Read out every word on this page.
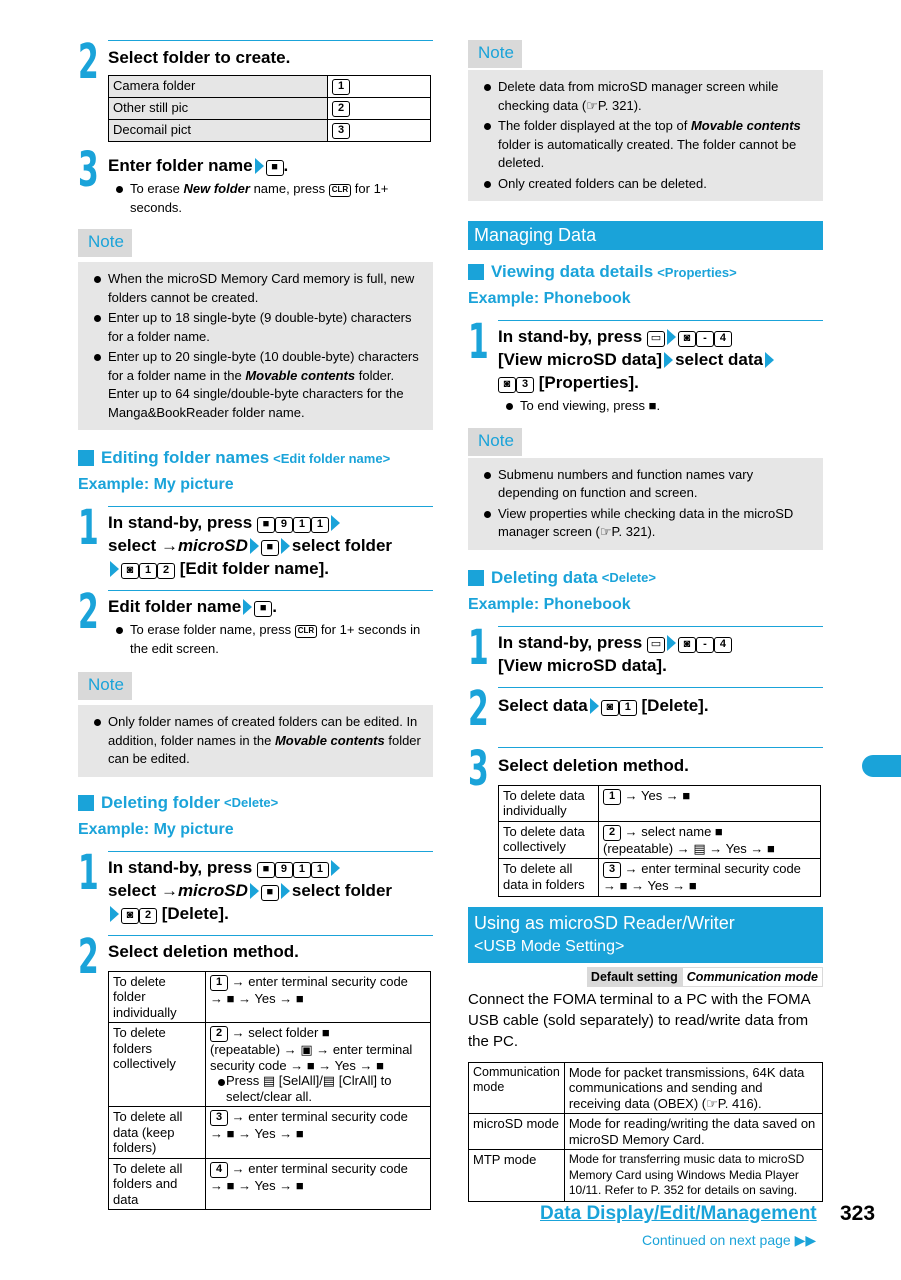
2 Select folder to create.
Camera folder	1
Other still pic	2
Decomail pict	3
3 Enter folder name ■ .
To erase New folder name, press CLR for 1+ seconds.
Note
When the microSD Memory Card memory is full, new folders cannot be created.
Enter up to 18 single-byte (9 double-byte) characters for a folder name.
Enter up to 20 single-byte (10 double-byte) characters for a folder name in the Movable contents folder. Enter up to 64 single/double-byte characters for the Manga&BookReader folder name.
Editing folder names <Edit folder name>
Example: My picture
1 In stand-by, press ■ 9 1 1
select →microSD ■ select folder
◙ 1 2 [Edit folder name].
2 Edit folder name ■ .
To erase folder name, press CLR for 1+ seconds in the edit screen.
Note
Only folder names of created folders can be edited. In addition, folder names in the Movable contents folder can be edited.
Deleting folder <Delete>
Example: My picture
1 In stand-by, press ■ 9 1 1
select →microSD ■ select folder
◙ 2 [Delete].
2 Select deletion method.
To delete folder individually	1 → enter terminal security code
→ ■ → Yes → ■
To delete folders collectively	2 → select folder ■
(repeatable) → ▣ → enter terminal security code → ■ → Yes → ■
Press ▤ [SelAll]/▤ [ClrAll] to select/clear all.

To delete all data (keep folders)	3 → enter terminal security code
→ ■ → Yes → ■
To delete all folders and data	4 → enter terminal security code
→ ■ → Yes → ■
Note
Delete data from microSD manager screen while checking data (☞P. 321).
The folder displayed at the top of Movable contents folder is automatically created. The folder cannot be deleted.
Only created folders can be deleted.
Managing Data
Viewing data details <Properties>
Example: Phonebook
1 In stand-by, press ▭ ◙ - 4
[View microSD data] select data
◙ 3 [Properties].
To end viewing, press ■.
Note
Submenu numbers and function names vary depending on function and screen.
View properties while checking data in the microSD manager screen (☞P. 321).
Deleting data <Delete>
Example: Phonebook
1 In stand-by, press ▭ ◙ - 4
[View microSD data].
2 Select data ◙ 1 [Delete].
3 Select deletion method.
To delete data individually	1 → Yes → ■
To delete data collectively	2 → select name ■
(repeatable) → ▤ → Yes → ■
To delete all data in folders	3 → enter terminal security code
→ ■ → Yes → ■
Using as microSD Reader/Writer
<USB Mode Setting>
Default setting Communication mode
Connect the FOMA terminal to a PC with the FOMA USB cable (sold separately) to read/write data from the PC.
Communication mode	Mode for packet transmissions, 64K data communications and sending and receiving data (OBEX) (☞P. 416).
microSD mode	Mode for reading/writing the data saved on microSD Memory Card.
MTP mode	Mode for transferring music data to microSD Memory Card using Windows Media Player 10/11. Refer to P. 352 for details on saving.
Data Display/Edit/Management 323
Continued on next page ▶▶
